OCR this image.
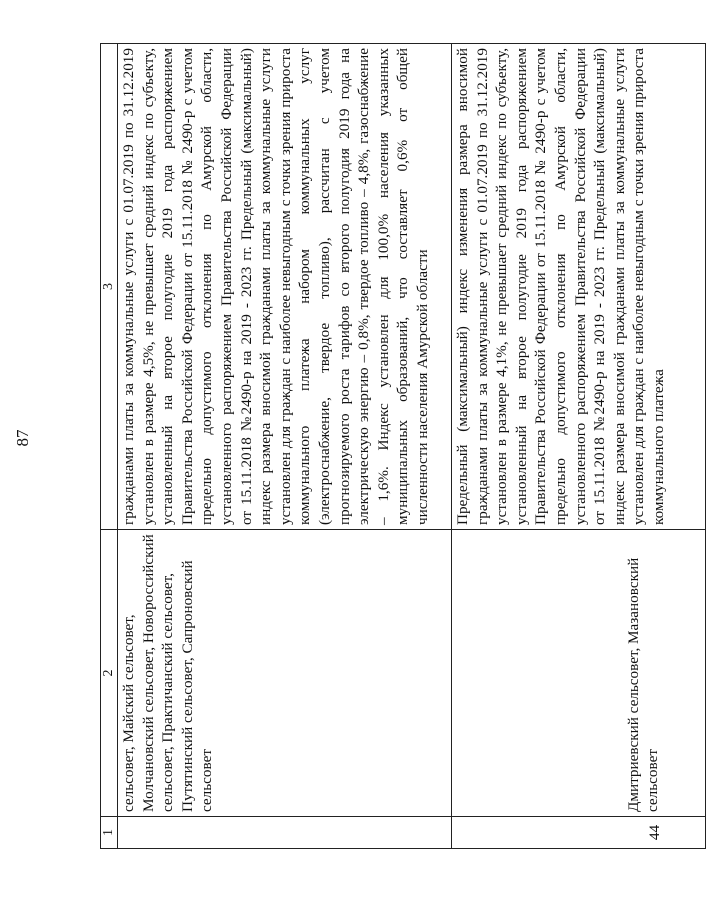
87
1	2	3
	сельсовет, Майский сельсовет, Молчановский сельсовет, Новороссийский сельсовет, Практичанский сельсовет, Путятинский сельсовет, Сапроновский сельсовет	гражданами платы за коммунальные услуги с 01.07.2019 по 31.12.2019 установлен в размере 4,5%, не превышает средний индекс по субъекту, установленный на второе полугодие 2019 года распоряжением Правительства Российской Федерации от 15.11.2018 № 2490-р с учетом предельно допустимого отклонения по Амурской области, установленного распоряжением Правительства Российской Федерации от 15.11.2018 №2490-р на 2019 - 2023 гг. Предельный (максимальный) индекс размера вносимой гражданами платы за коммунальные услуги установлен для граждан с наиболее невыгодным с точки зрения прироста коммунального платежа набором коммунальных услуг (электроснабжение, твердое топливо), рассчитан с учетом прогнозируемого роста тарифов со второго полугодия 2019 года на электрическую энергию – 0,8%, твердое топливо – 4,8%, газоснабжение – 1,6%. Индекс установлен для 100,0% населения указанных муниципальных образований, что составляет 0,6% от общей численности населения Амурской области
44	Дмитриевский сельсовет, Мазановский сельсовет	Предельный (максимальный) индекс изменения размера вносимой гражданами платы за коммунальные услуги с 01.07.2019 по 31.12.2019 установлен в размере 4,1%, не превышает средний индекс по субъекту, установленный на второе полугодие 2019 года распоряжением Правительства Российской Федерации от 15.11.2018 № 2490-р с учетом предельно допустимого отклонения по Амурской области, установленного распоряжением Правительства Российской Федерации от 15.11.2018 №2490-р на 2019 - 2023 гг. Предельный (максимальный) индекс размера вносимой гражданами платы за коммунальные услуги установлен для граждан с наиболее невыгодным с точки зрения прироста коммунального платежа
